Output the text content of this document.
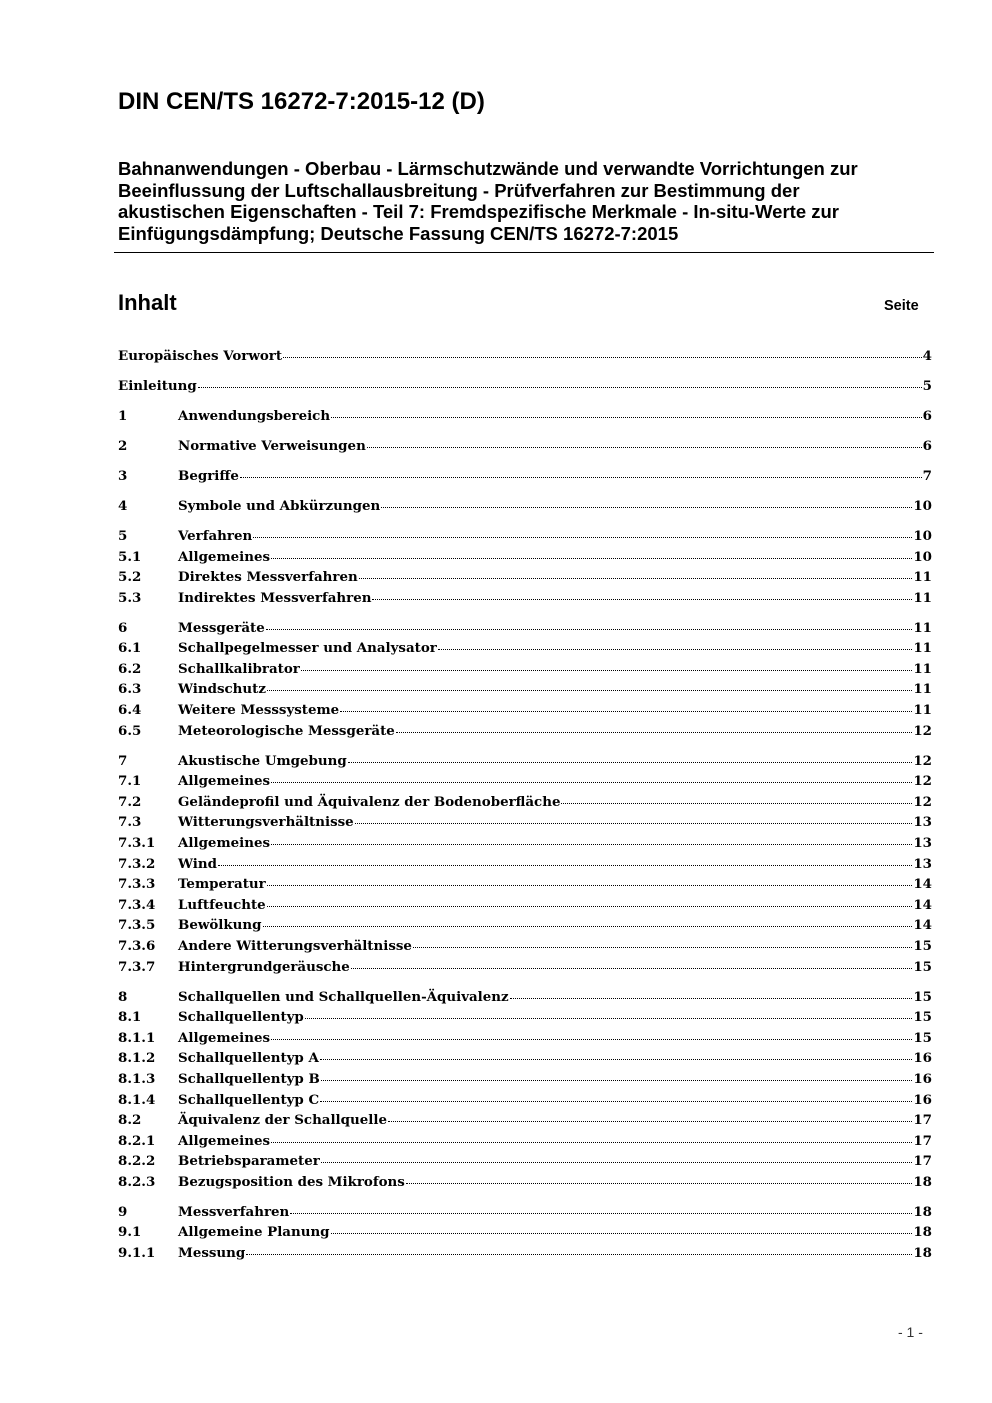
DIN CEN/TS 16272-7:2015-12 (D)
Bahnanwendungen - Oberbau - Lärmschutzwände und verwandte Vorrichtungen zur
Beeinflussung der Luftschallausbreitung - Prüfverfahren zur Bestimmung der
akustischen Eigenschaften - Teil 7: Fremdspezifische Merkmale - In-situ-Werte zur
Einfügungsdämpfung; Deutsche Fassung CEN/TS 16272-7:2015
Inhalt	Seite
Europäisches Vorwort	4
Einleitung	5
1	Anwendungsbereich	6
2	Normative Verweisungen	6
3	Begriffe	7
4	Symbole und Abkürzungen	10
5	Verfahren	10
5.1	Allgemeines	10
5.2	Direktes Messverfahren	11
5.3	Indirektes Messverfahren	11
6	Messgeräte	11
6.1	Schallpegelmesser und Analysator	11
6.2	Schallkalibrator	11
6.3	Windschutz	11
6.4	Weitere Messsysteme	11
6.5	Meteorologische Messgeräte	12
7	Akustische Umgebung	12
7.1	Allgemeines	12
7.2	Geländeprofil und Äquivalenz der Bodenoberfläche	12
7.3	Witterungsverhältnisse	13
7.3.1	Allgemeines	13
7.3.2	Wind	13
7.3.3	Temperatur	14
7.3.4	Luftfeuchte	14
7.3.5	Bewölkung	14
7.3.6	Andere Witterungsverhältnisse	15
7.3.7	Hintergrundgeräusche	15
8	Schallquellen und Schallquellen-Äquivalenz	15
8.1	Schallquellentyp	15
8.1.1	Allgemeines	15
8.1.2	Schallquellentyp A	16
8.1.3	Schallquellentyp B	16
8.1.4	Schallquellentyp C	16
8.2	Äquivalenz der Schallquelle	17
8.2.1	Allgemeines	17
8.2.2	Betriebsparameter	17
8.2.3	Bezugsposition des Mikrofons	18
9	Messverfahren	18
9.1	Allgemeine Planung	18
9.1.1	Messung	18
- 1 -
